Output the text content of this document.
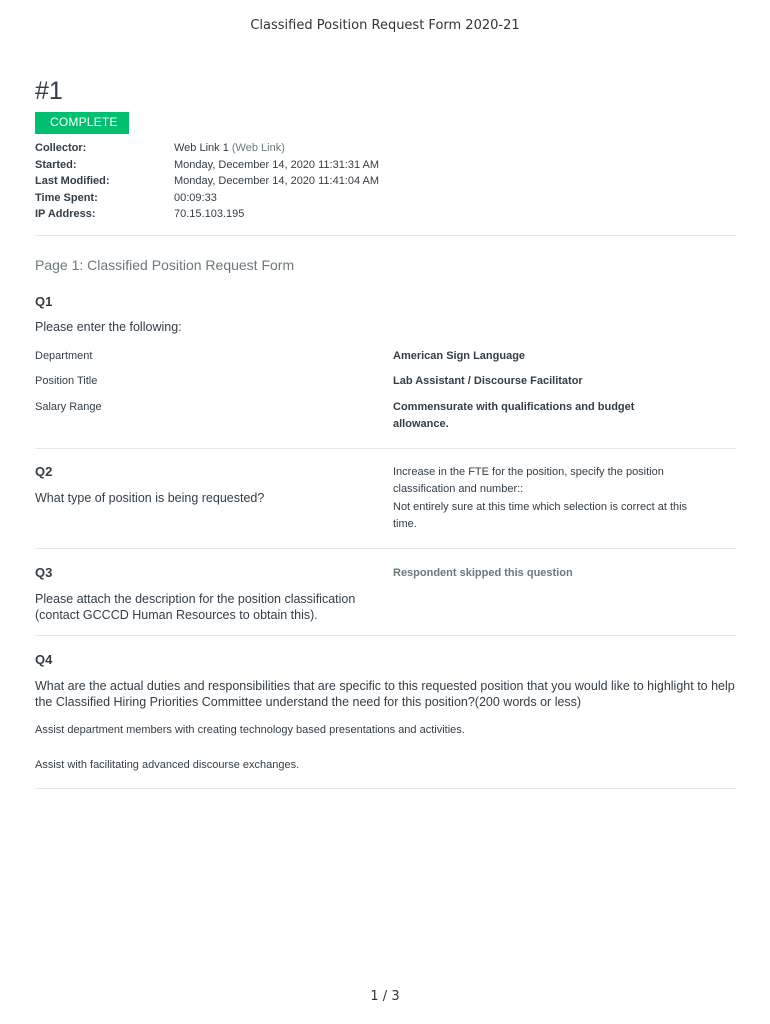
Classified Position Request Form 2020-21
#1
COMPLETE
Collector:	Web Link 1 (Web Link)
Started:	Monday, December 14, 2020 11:31:31 AM
Last Modified:	Monday, December 14, 2020 11:41:04 AM
Time Spent:	00:09:33
IP Address:	70.15.103.195
Page 1: Classified Position Request Form
Q1
Please enter the following:
Department	American Sign Language
Position Title	Lab Assistant / Discourse Facilitator
Salary Range	Commensurate with qualifications and budget allowance.
Q2
What type of position is being requested?
Increase in the FTE for the position, specify the position classification and number::
Not entirely sure at this time which selection is correct at this time.
Q3
Please attach the description for the position classification (contact GCCCD Human Resources to obtain this).
Respondent skipped this question
Q4
What are the actual duties and responsibilities that are specific to this requested position that you would like to highlight to help the Classified Hiring Priorities Committee understand the need for this position?(200 words or less)
Assist department members with creating technology based presentations and activities.
Assist with facilitating advanced discourse exchanges.
1 / 3
